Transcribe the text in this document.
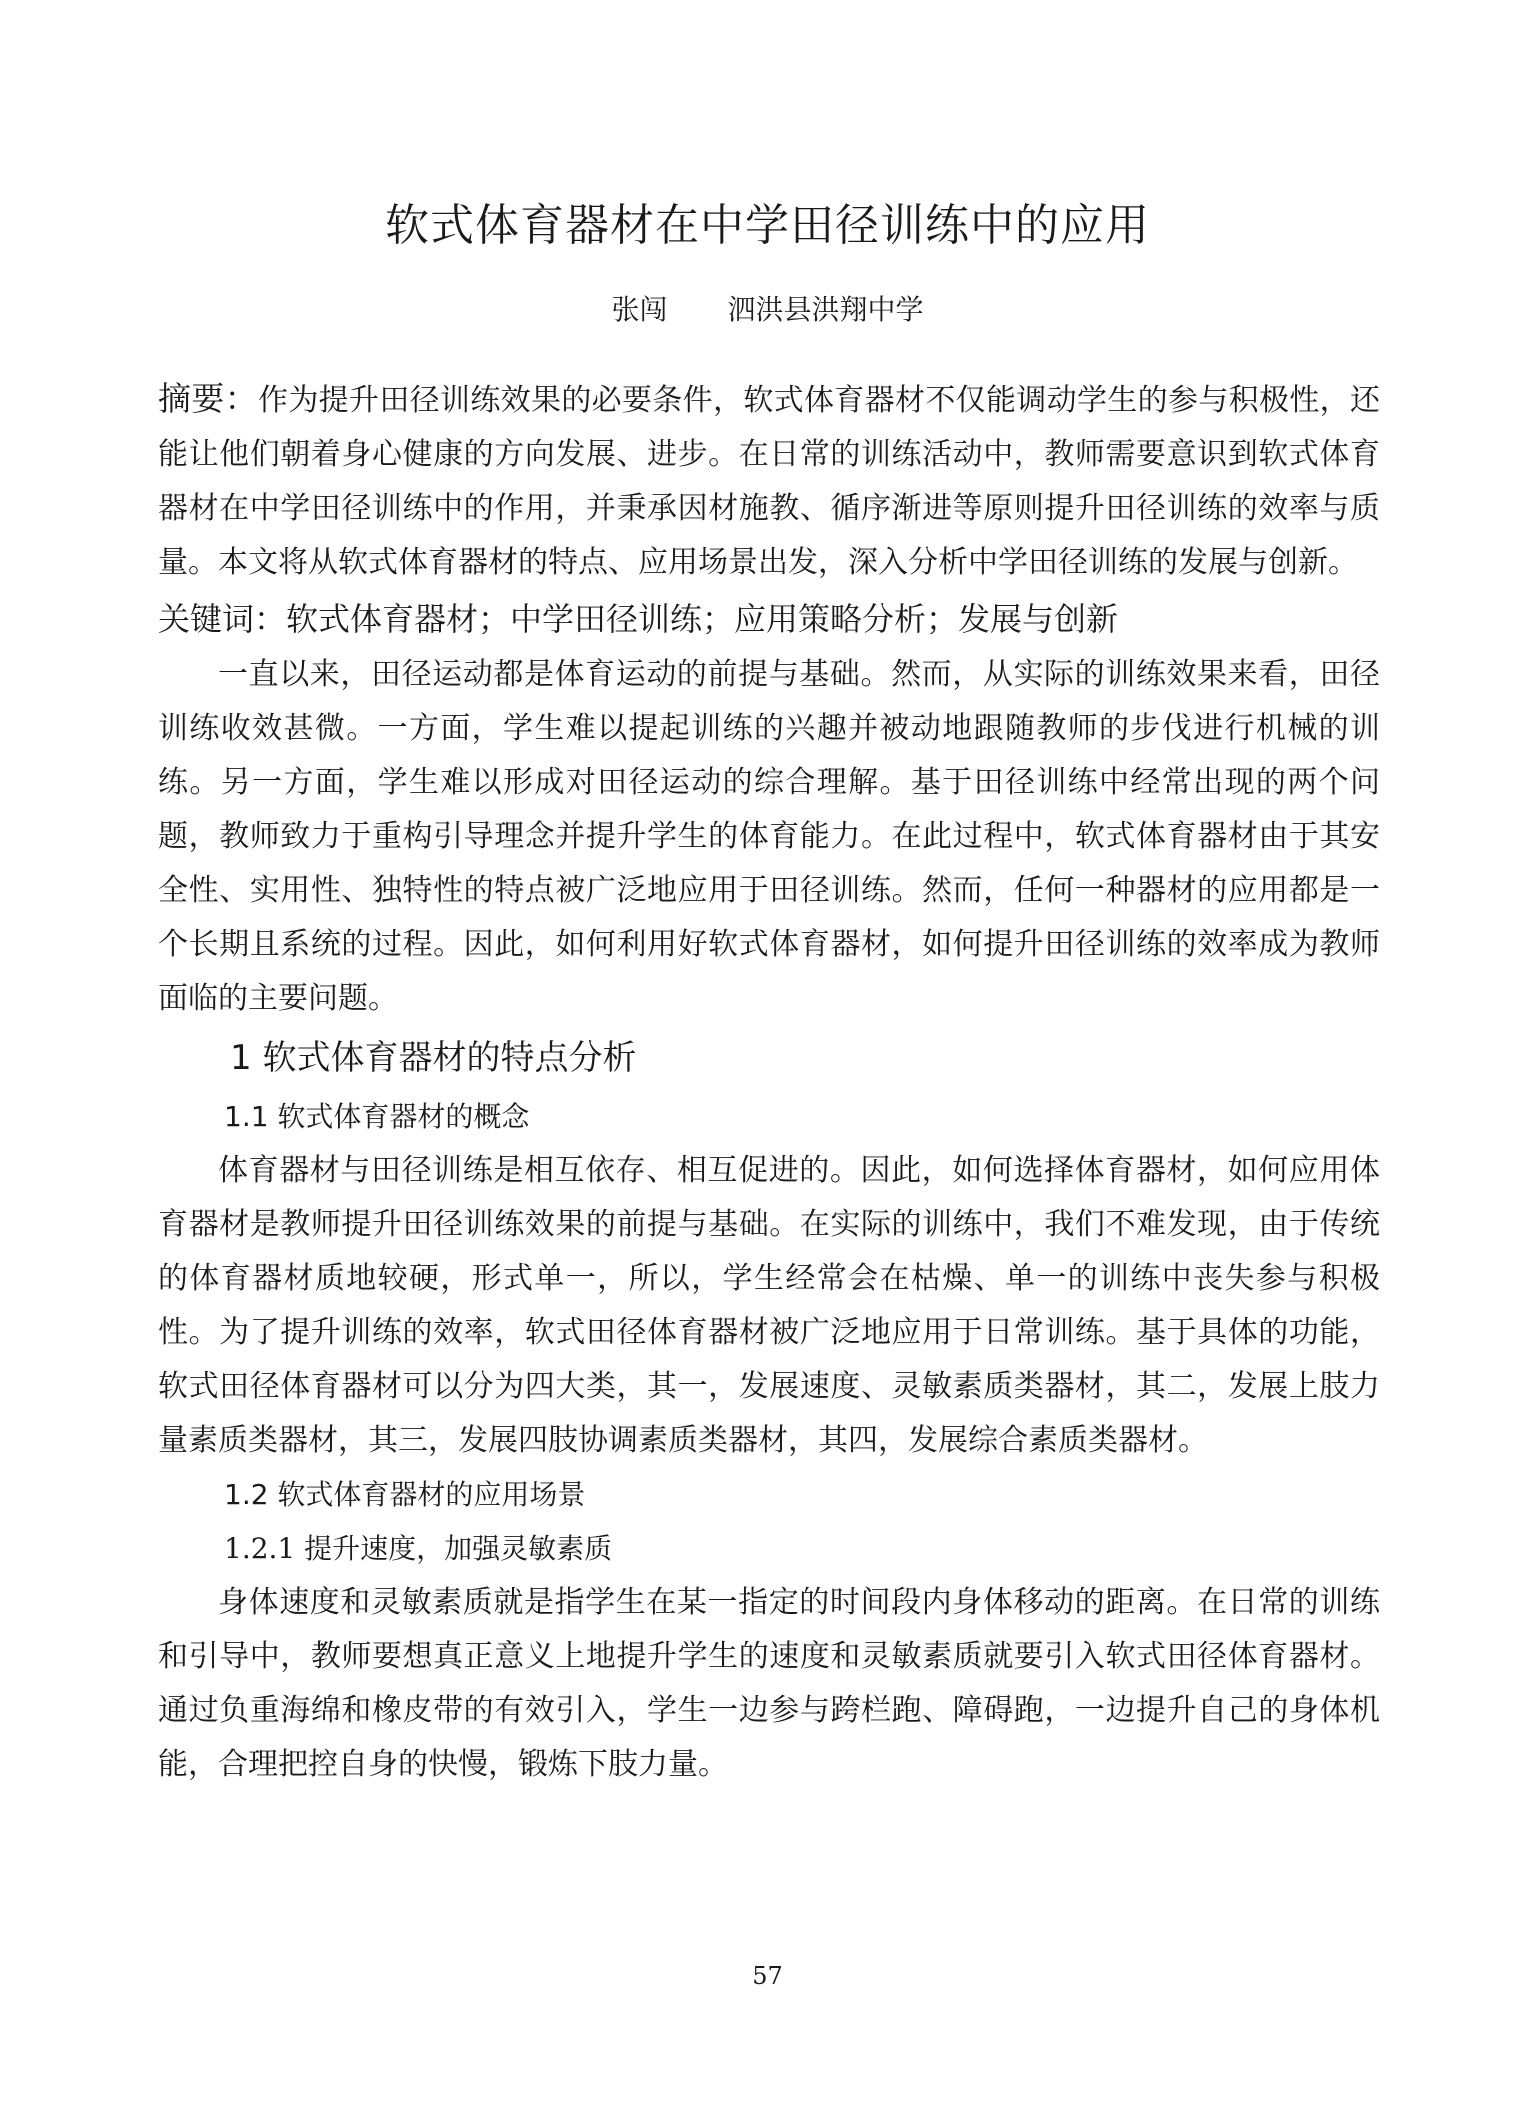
软式体育器材在中学田径训练中的应用
张闯 泗洪县洪翔中学

摘要：作为提升田径训练效果的必要条件，软式体育器材不仅能调动学生的参与积极性，还能让他们朝着身心健康的方向发展、进步。在日常的训练活动中，教师需要意识到软式体育器材在中学田径训练中的作用，并秉承因材施教、循序渐进等原则提升田径训练的效率与质量。本文将从软式体育器材的特点、应用场景出发，深入分析中学田径训练的发展与创新。

关键词：软式体育器材；中学田径训练；应用策略分析；发展与创新

一直以来，田径运动都是体育运动的前提与基础。然而，从实际的训练效果来看，田径训练收效甚微。一方面，学生难以提起训练的兴趣并被动地跟随教师的步伐进行机械的训练。另一方面，学生难以形成对田径运动的综合理解。基于田径训练中经常出现的两个问题，教师致力于重构引导理念并提升学生的体育能力。在此过程中，软式体育器材由于其安全性、实用性、独特性的特点被广泛地应用于田径训练。然而，任何一种器材的应用都是一个长期且系统的过程。因此，如何利用好软式体育器材，如何提升田径训练的效率成为教师面临的主要问题。

1 软式体育器材的特点分析

1.1 软式体育器材的概念

体育器材与田径训练是相互依存、相互促进的。因此，如何选择体育器材，如何应用体育器材是教师提升田径训练效果的前提与基础。在实际的训练中，我们不难发现，由于传统的体育器材质地较硬，形式单一，所以，学生经常会在枯燥、单一的训练中丧失参与积极性。为了提升训练的效率，软式田径体育器材被广泛地应用于日常训练。基于具体的功能，软式田径体育器材可以分为四大类，其一，发展速度、灵敏素质类器材，其二，发展上肢力量素质类器材，其三，发展四肢协调素质类器材，其四，发展综合素质类器材。

1.2 软式体育器材的应用场景

1.2.1 提升速度，加强灵敏素质

身体速度和灵敏素质就是指学生在某一指定的时间段内身体移动的距离。在日常的训练和引导中，教师要想真正意义上地提升学生的速度和灵敏素质就要引入软式田径体育器材。通过负重海绵和橡皮带的有效引入，学生一边参与跨栏跑、障碍跑，一边提升自己的身体机能，合理把控自身的快慢，锻炼下肢力量。

57
